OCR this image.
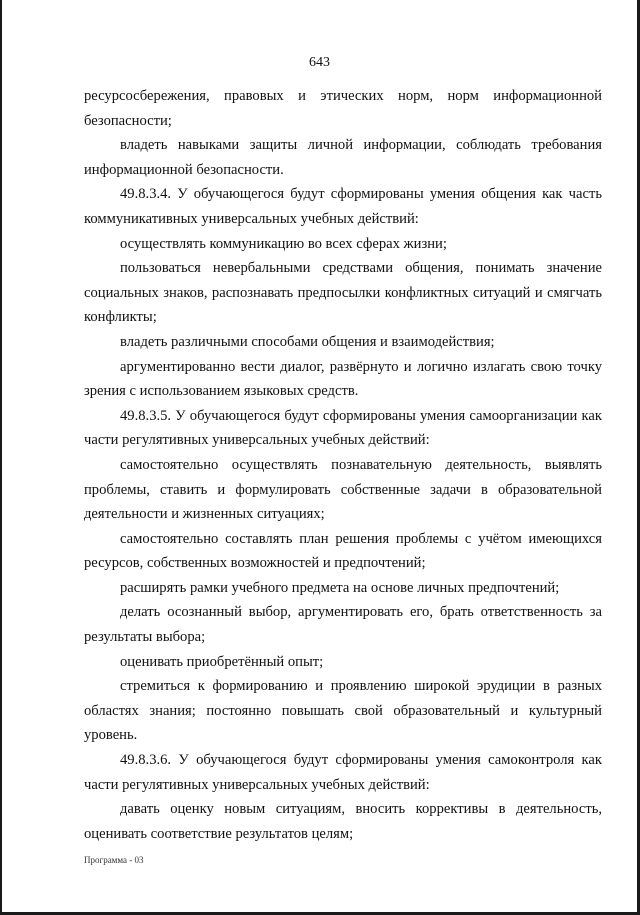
643

ресурсосбережения, правовых и этических норм, норм информационной безопасности;

владеть навыками защиты личной информации, соблюдать требования информационной безопасности.

49.8.3.4. У обучающегося будут сформированы умения общения как часть коммуникативных универсальных учебных действий:

осуществлять коммуникацию во всех сферах жизни;

пользоваться невербальными средствами общения, понимать значение социальных знаков, распознавать предпосылки конфликтных ситуаций и смягчать конфликты;

владеть различными способами общения и взаимодействия;

аргументированно вести диалог, развёрнуто и логично излагать свою точку зрения с использованием языковых средств.

49.8.3.5. У обучающегося будут сформированы умения самоорганизации как части регулятивных универсальных учебных действий:

самостоятельно осуществлять познавательную деятельность, выявлять проблемы, ставить и формулировать собственные задачи в образовательной деятельности и жизненных ситуациях;

самостоятельно составлять план решения проблемы с учётом имеющихся ресурсов, собственных возможностей и предпочтений;

расширять рамки учебного предмета на основе личных предпочтений;

делать осознанный выбор, аргументировать его, брать ответственность за результаты выбора;

оценивать приобретённый опыт;

стремиться к формированию и проявлению широкой эрудиции в разных областях знания; постоянно повышать свой образовательный и культурный уровень.

49.8.3.6. У обучающегося будут сформированы умения самоконтроля как части регулятивных универсальных учебных действий:

давать оценку новым ситуациям, вносить коррективы в деятельность, оценивать соответствие результатов целям;

Программа - 03
